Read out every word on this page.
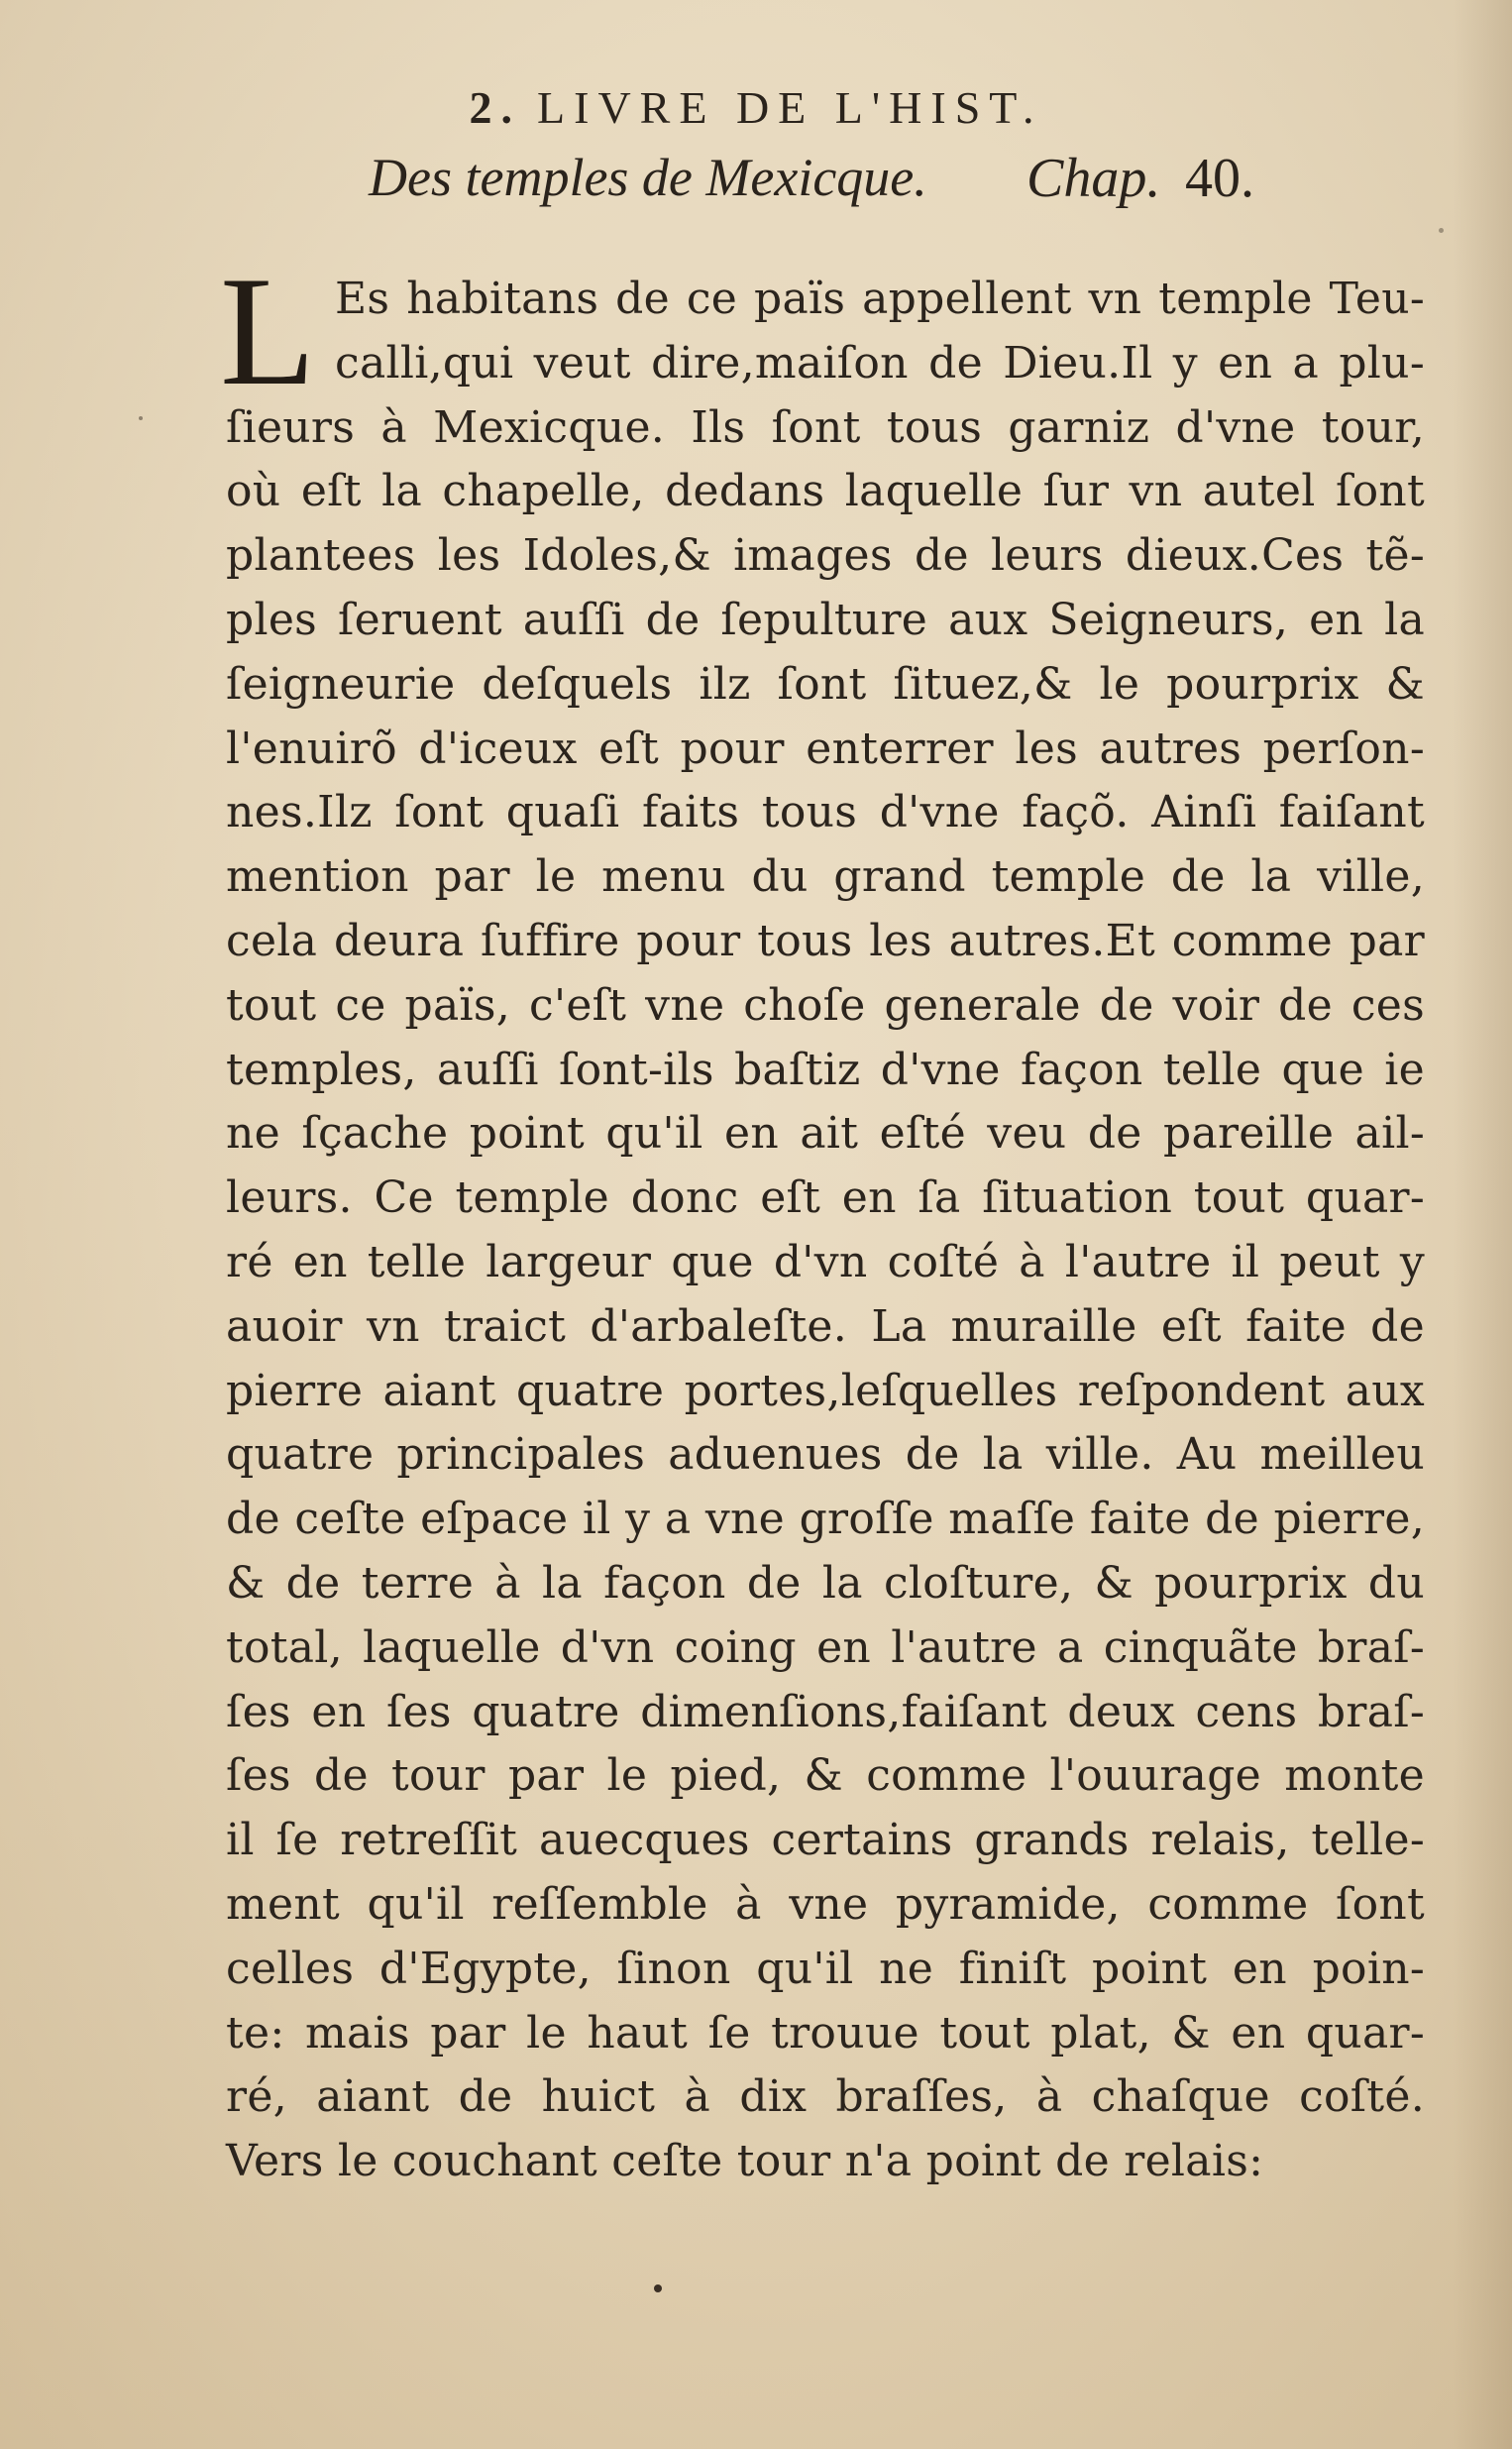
2. LIVRE DE L'HIST.
Des temples de Mexicque. Chap. 40.
L Es habitans de ce païs appellent vn temple Teu-
calli,qui veut dire,maiſon de Dieu.Il y en a plu-
ſieurs à Mexicque. Ils ſont tous garniz d'vne tour,
où eſt la chapelle, dedans laquelle ſur vn autel ſont
plantees les Idoles,& images de leurs dieux.Ces tẽ-
ples ſeruent auſſi de ſepulture aux Seigneurs, en la
ſeigneurie deſquels ilz ſont ſituez,& le pourprix &
l'enuirõ d'iceux eſt pour enterrer les autres perſon-
nes.Ilz ſont quaſi faits tous d'vne façõ. Ainſi faiſant
mention par le menu du grand temple de la ville,
cela deura ſuffire pour tous les autres.Et comme par
tout ce païs, c'eſt vne choſe generale de voir de ces
temples, auſſi ſont-ils baſtiz d'vne façon telle que ie
ne ſçache point qu'il en ait eſté veu de pareille ail-
leurs. Ce temple donc eſt en ſa ſituation tout quar-
ré en telle largeur que d'vn coſté à l'autre il peut y
auoir vn traict d'arbaleſte. La muraille eſt faite de
pierre aiant quatre portes,leſquelles reſpondent aux
quatre principales aduenues de la ville. Au meilleu
de ceſte eſpace il y a vne groſſe maſſe faite de pierre,
& de terre à la façon de la cloſture, & pourprix du
total, laquelle d'vn coing en l'autre a cinquãte braſ-
ſes en ſes quatre dimenſions,faiſant deux cens braſ-
ſes de tour par le pied, & comme l'ouurage monte
il ſe retreſſit auecques certains grands relais, telle-
ment qu'il reſſemble à vne pyramide, comme ſont
celles d'Egypte, ſinon qu'il ne finiſt point en poin-
te: mais par le haut ſe trouue tout plat, & en quar-
ré, aiant de huict à dix braſſes, à chaſque coſté.
Vers le couchant ceſte tour n'a point de relais:
